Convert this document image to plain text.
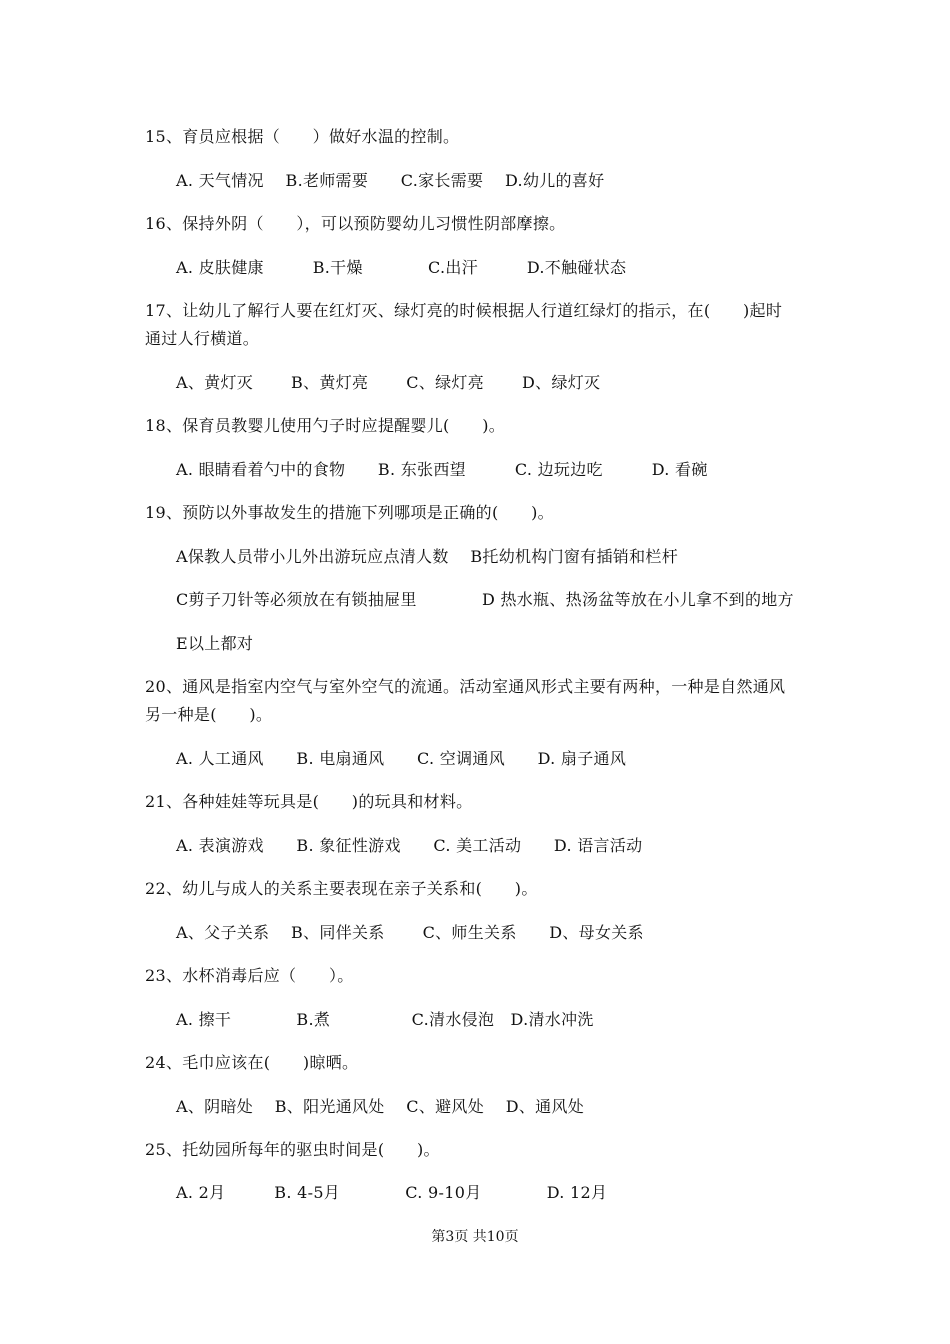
15、育员应根据（　　）做好水温的控制。
A. 天气情况　 B.老师需要　　C.家长需要　 D.幼儿的喜好
16、保持外阴（　　），可以预防婴幼儿习惯性阴部摩擦。
A. 皮肤健康　　　B.干燥　　　　C.出汗　　　D.不触碰状态
17、让幼儿了解行人要在红灯灭、绿灯亮的时候根据人行道红绿灯的指示，在(　　)起时
通过人行横道。
A、黄灯灭　　 B、黄灯亮　　 C、绿灯亮　　 D、绿灯灭
18、保育员教婴儿使用勺子时应提醒婴儿(　　)。
A. 眼睛看着勺中的食物　　B. 东张西望　　　C. 边玩边吃　　　D. 看碗
19、预防以外事故发生的措施下列哪项是正确的(　　)。
A保教人员带小儿外出游玩应点清人数　 B托幼机构门窗有插销和栏杆
C剪子刀针等必须放在有锁抽屉里　　　　D 热水瓶、热汤盆等放在小儿拿不到的地方
E以上都对
20、通风是指室内空气与室外空气的流通。活动室通风形式主要有两种，一种是自然通风
另一种是(　　)。
A. 人工通风　　B. 电扇通风　　C. 空调通风　　D. 扇子通风
21、各种娃娃等玩具是(　　)的玩具和材料。
A. 表演游戏　　B. 象征性游戏　　C. 美工活动　　D. 语言活动
22、幼儿与成人的关系主要表现在亲子关系和(　　)。
A、父子关系　 B、同伴关系　　 C、师生关系　　D、母女关系
23、水杯消毒后应（　　）。
A. 擦干　　　　B.煮　　　　　C.清水侵泡　D.清水冲洗
24、毛巾应该在(　　)晾晒。
A、阴暗处　 B、阳光通风处　 C、避风处　 D、通风处
25、托幼园所每年的驱虫时间是(　　)。
A. 2月　　　B. 4-5月　　　　C. 9-10月　　　　D. 12月
第3页 共10页
